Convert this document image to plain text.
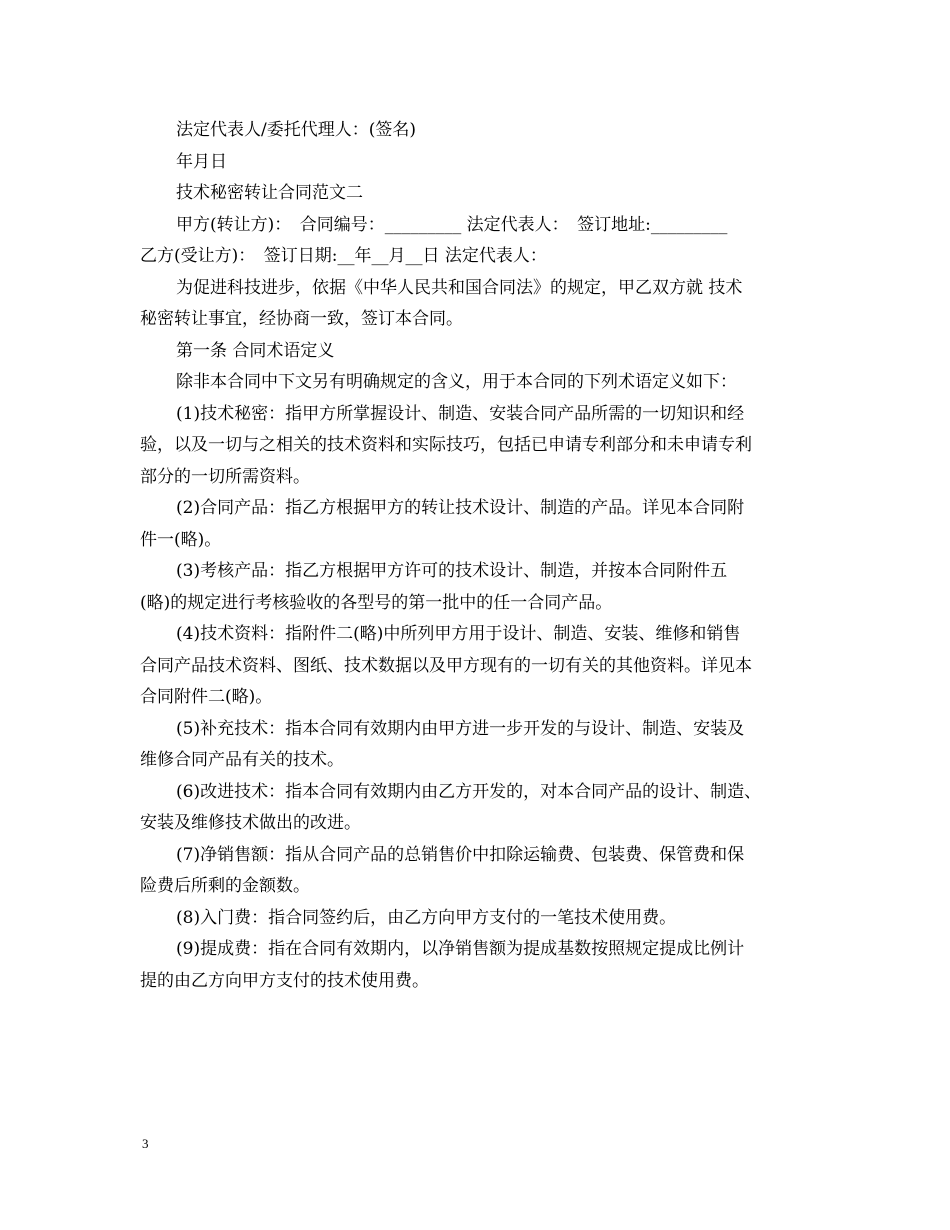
法定代表人/委托代理人：(签名)
年月日
技术秘密转让合同范文二
甲方(转让方)：　合同编号：_________ 法定代表人：　签订地址:_________
乙方(受让方)：　签订日期:__年__月__日 法定代表人：
为促进科技进步，依据《中华人民共和国合同法》的规定，甲乙双方就 技术
秘密转让事宜，经协商一致，签订本合同。
第一条 合同术语定义
除非本合同中下文另有明确规定的含义，用于本合同的下列术语定义如下：
(1)技术秘密：指甲方所掌握设计、制造、安装合同产品所需的一切知识和经
验，以及一切与之相关的技术资料和实际技巧，包括已申请专利部分和未申请专利
部分的一切所需资料。
(2)合同产品：指乙方根据甲方的转让技术设计、制造的产品。详见本合同附
件一(略)。
(3)考核产品：指乙方根据甲方许可的技术设计、制造，并按本合同附件五
(略)的规定进行考核验收的各型号的第一批中的任一合同产品。
(4)技术资料：指附件二(略)中所列甲方用于设计、制造、安装、维修和销售
合同产品技术资料、图纸、技术数据以及甲方现有的一切有关的其他资料。详见本
合同附件二(略)。
(5)补充技术：指本合同有效期内由甲方进一步开发的与设计、制造、安装及
维修合同产品有关的技术。
(6)改进技术：指本合同有效期内由乙方开发的，对本合同产品的设计、制造、
安装及维修技术做出的改进。
(7)净销售额：指从合同产品的总销售价中扣除运输费、包装费、保管费和保
险费后所剩的金额数。
(8)入门费：指合同签约后，由乙方向甲方支付的一笔技术使用费。
(9)提成费：指在合同有效期内，以净销售额为提成基数按照规定提成比例计
提的由乙方向甲方支付的技术使用费。
3
